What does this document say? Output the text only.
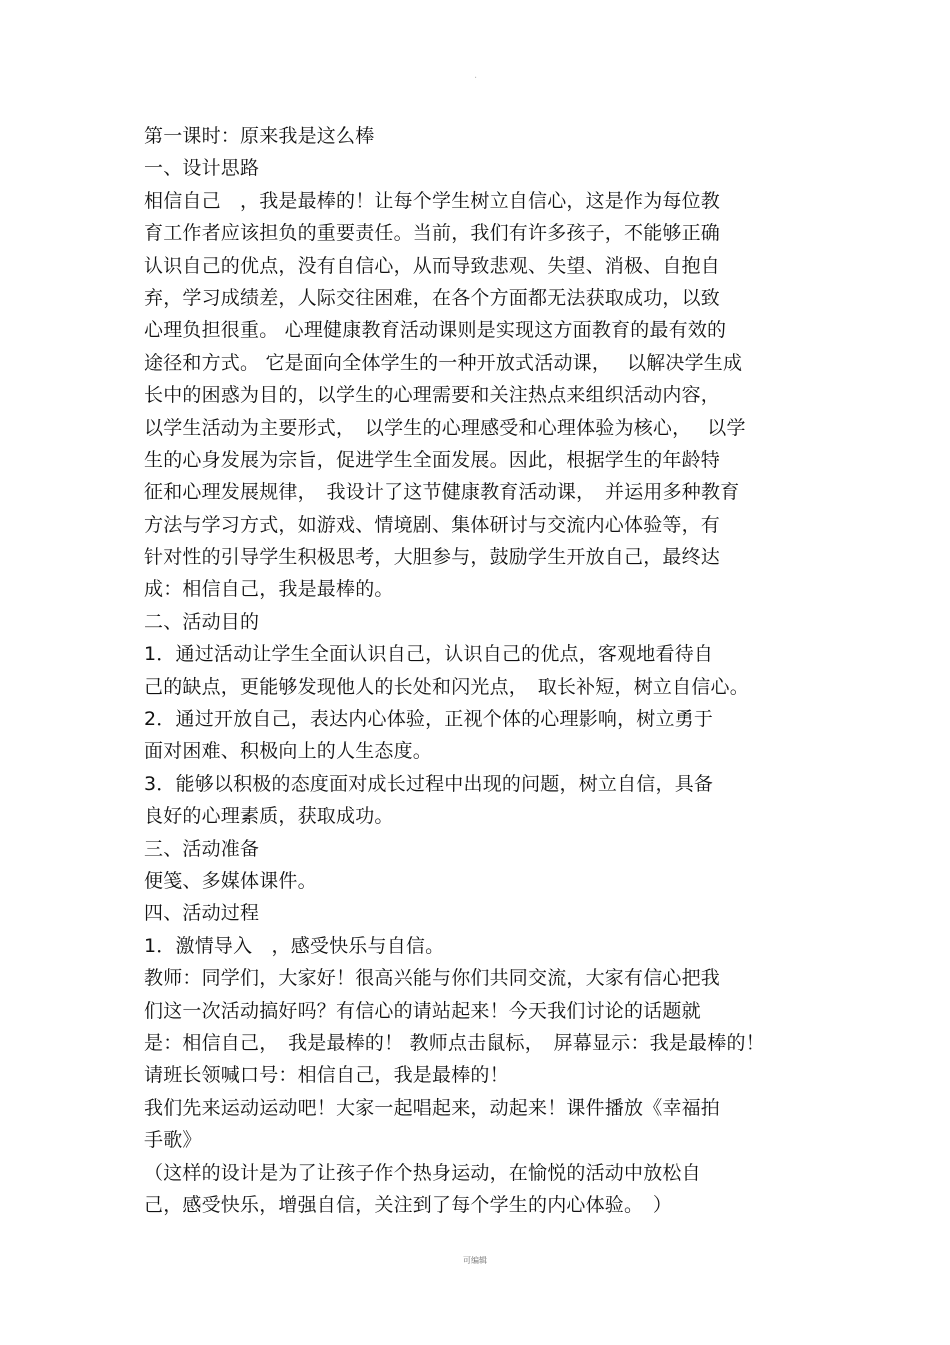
.
第一课时：原来我是这么棒
一、设计思路
相信自己　，我是最棒的！让每个学生树立自信心，这是作为每位教
育工作者应该担负的重要责任。当前，我们有许多孩子，不能够正确
认识自己的优点，没有自信心，从而导致悲观、失望、消极、自抱自
弃，学习成绩差，人际交往困难，在各个方面都无法获取成功，以致
心理负担很重。 心理健康教育活动课则是实现这方面教育的最有效的
途径和方式。 它是面向全体学生的一种开放式活动课，　 以解决学生成
长中的困惑为目的，以学生的心理需要和关注热点来组织活动内容，
以学生活动为主要形式，　以学生的心理感受和心理体验为核心，　 以学
生的心身发展为宗旨，促进学生全面发展。因此，根据学生的年龄特
征和心理发展规律，　我设计了这节健康教育活动课，　并运用多种教育
方法与学习方式，如游戏、情境剧、集体研讨与交流内心体验等，有
针对性的引导学生积极思考，大胆参与，鼓励学生开放自己，最终达
成：相信自己，我是最棒的。
二、活动目的
1．通过活动让学生全面认识自己，认识自己的优点，客观地看待自
己的缺点，更能够发现他人的长处和闪光点，　取长补短，树立自信心。
2．通过开放自己，表达内心体验，正视个体的心理影响，树立勇于
面对困难、积极向上的人生态度。
3．能够以积极的态度面对成长过程中出现的问题，树立自信，具备
良好的心理素质，获取成功。
三、活动准备
便笺、多媒体课件。
四、活动过程
1．激情导入　，感受快乐与自信。
教师：同学们，大家好！很高兴能与你们共同交流，大家有信心把我
们这一次活动搞好吗？有信心的请站起来！今天我们讨论的话题就
是：相信自己，　我是最棒的！ 教师点击鼠标，　屏幕显示：我是最棒的！
请班长领喊口号：相信自己，我是最棒的！
我们先来运动运动吧！大家一起唱起来，动起来！课件播放《幸福拍
手歌》
（这样的设计是为了让孩子作个热身运动，在愉悦的活动中放松自
己，感受快乐，增强自信，关注到了每个学生的内心体验。　）
可编辑
